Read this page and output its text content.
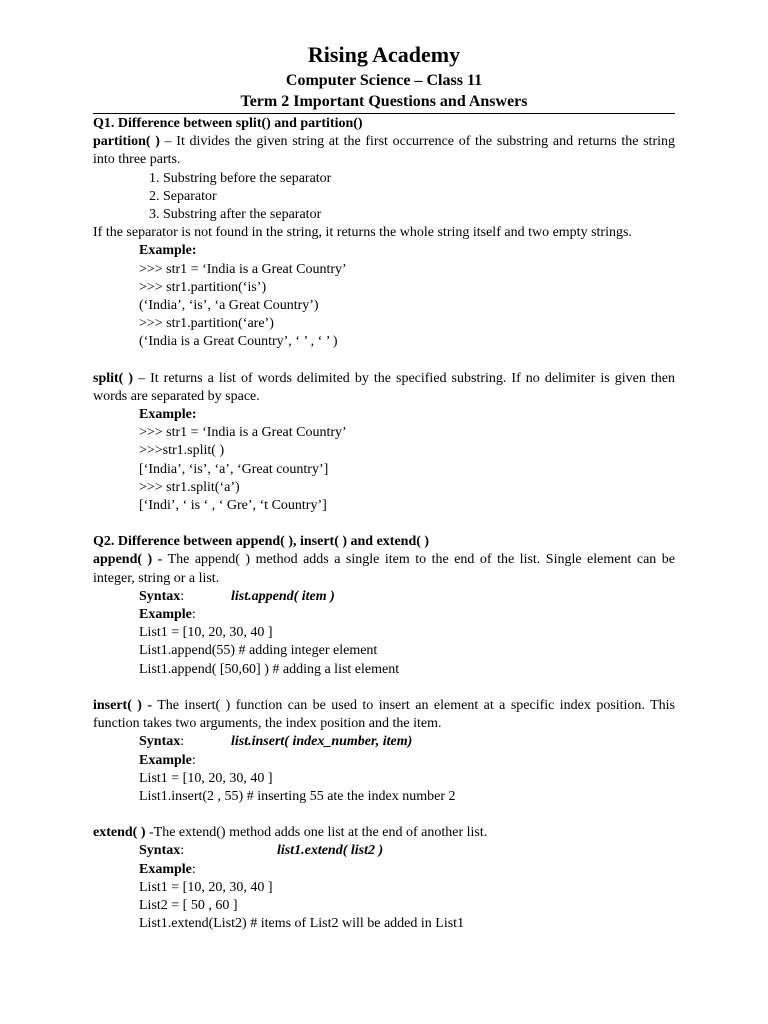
Rising Academy
Computer Science – Class 11
Term 2 Important Questions and Answers

Q1. Difference between split() and partition()

partition( ) – It divides the given string at the first occurrence of the substring and returns the string into three parts.

1. Substring before the separator
2. Separator
3. Substring after the separator

If the separator is not found in the string, it returns the whole string itself and two empty strings.

Example:

>>> str1 = ‘India is a Great Country’

>>> str1.partition(‘is’)

(‘India’, ‘is’, ‘a Great Country’)

>>> str1.partition(‘are’)

(‘India is a Great Country’, ‘ ’ , ‘ ’ )

split( ) – It returns a list of words delimited by the specified substring. If no delimiter is given then words are separated by space.

Example:

>>> str1 = ‘India is a Great Country’

>>>str1.split( )

[‘India’, ‘is’, ‘a’, ‘Great country’]

>>> str1.split(‘a’)

[‘Indi’, ‘ is ‘ , ‘ Gre’, ‘t Country’]

Q2. Difference between append( ), insert( ) and extend( )

append( ) - The append( ) method adds a single item to the end of the list. Single element can be integer, string or a list.

Syntax:	list.append( item )

Example:

List1 = [10, 20, 30, 40 ]

List1.append(55) # adding integer element

List1.append( [50,60] ) # adding a list element

insert( ) - The insert( ) function can be used to insert an element at a specific index position. This function takes two arguments, the index position and the item.

Syntax:	list.insert( index_number, item)

Example:

List1 = [10, 20, 30, 40 ]

List1.insert(2 , 55) # inserting 55 ate the index number 2

extend( ) -The extend() method adds one list at the end of another list.

Syntax:	list1.extend( list2 )

Example:

List1 = [10, 20, 30, 40 ]

List2 = [ 50 , 60 ]

List1.extend(List2) # items of List2 will be added in List1
